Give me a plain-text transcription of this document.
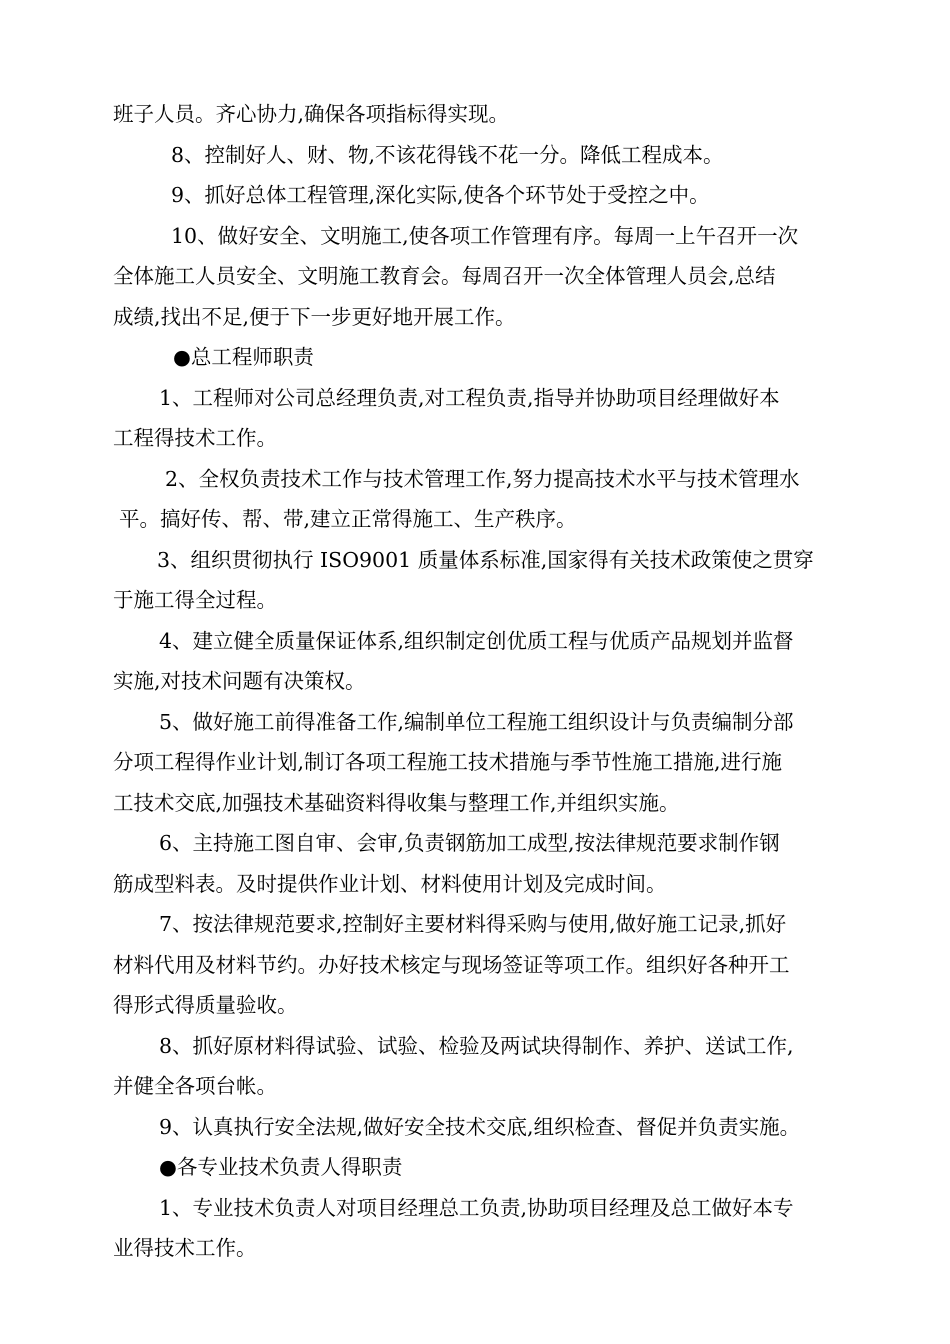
班子人员。齐心协力,确保各项指标得实现。
8、控制好人、财、物,不该花得钱不花一分。降低工程成本。
9、抓好总体工程管理,深化实际,使各个环节处于受控之中。
10、做好安全、文明施工,使各项工作管理有序。每周一上午召开一次
全体施工人员安全、文明施工教育会。每周召开一次全体管理人员会,总结
成绩,找出不足,便于下一步更好地开展工作。
●总工程师职责
1、工程师对公司总经理负责,对工程负责,指导并协助项目经理做好本
工程得技术工作。
2、全权负责技术工作与技术管理工作,努力提高技术水平与技术管理水
平。搞好传、帮、带,建立正常得施工、生产秩序。
3、组织贯彻执行 ISO9001 质量体系标准,国家得有关技术政策使之贯穿
于施工得全过程。
4、建立健全质量保证体系,组织制定创优质工程与优质产品规划并监督
实施,对技术问题有决策权。
5、做好施工前得准备工作,编制单位工程施工组织设计与负责编制分部
分项工程得作业计划,制订各项工程施工技术措施与季节性施工措施,进行施
工技术交底,加强技术基础资料得收集与整理工作,并组织实施。
6、主持施工图自审、会审,负责钢筋加工成型,按法律规范要求制作钢
筋成型料表。及时提供作业计划、材料使用计划及完成时间。
7、按法律规范要求,控制好主要材料得采购与使用,做好施工记录,抓好
材料代用及材料节约。办好技术核定与现场签证等项工作。组织好各种开工
得形式得质量验收。
8、抓好原材料得试验、试验、检验及两试块得制作、养护、送试工作,
并健全各项台帐。
9、认真执行安全法规,做好安全技术交底,组织检查、督促并负责实施。
●各专业技术负责人得职责
1、专业技术负责人对项目经理总工负责,协助项目经理及总工做好本专
业得技术工作。
